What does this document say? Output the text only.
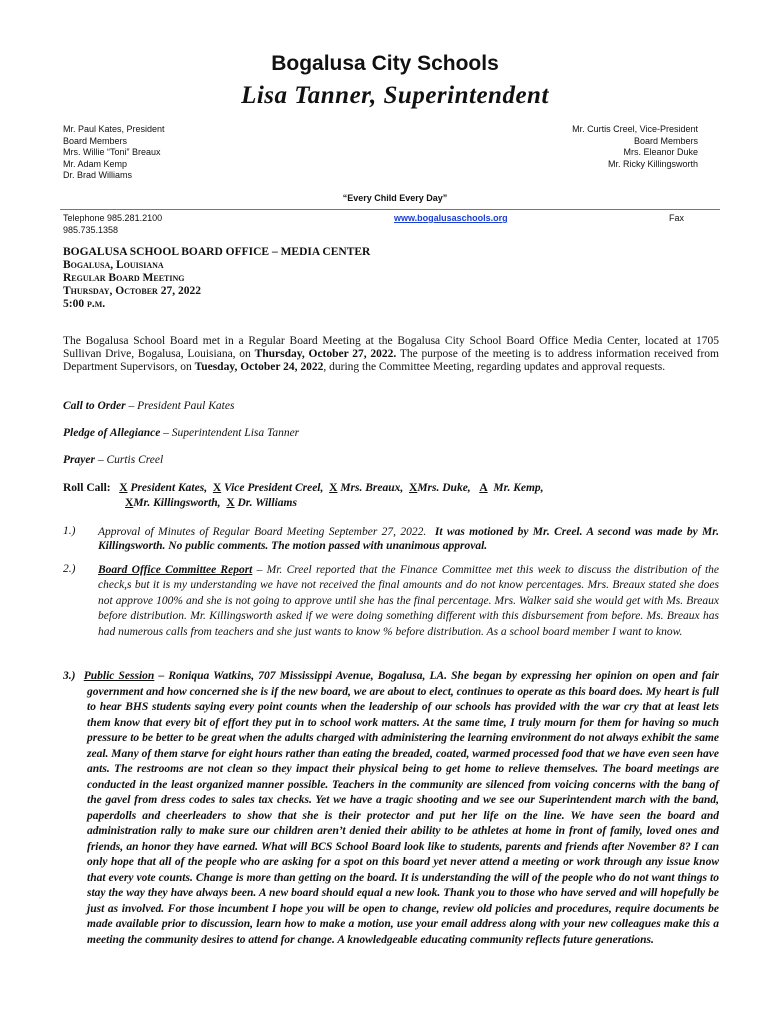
Bogalusa City Schools
Lisa Tanner, Superintendent
Mr. Paul Kates, President
Board Members
Mrs. Willie “Toni” Breaux
Mr. Adam Kemp
Dr. Brad Williams
Mr. Curtis Creel, Vice-President
Board Members
Mrs. Eleanor Duke
Mr. Ricky Killingsworth
“Every Child Every Day”
Telephone 985.281.2100
985.735.1358
www.bogalusaschools.org	Fax
BOGALUSA SCHOOL BOARD OFFICE – MEDIA CENTER
Bogalusa, Louisiana
Regular Board Meeting
Thursday, October 27, 2022
5:00 p.m.
The Bogalusa School Board met in a Regular Board Meeting at the Bogalusa City School Board Office Media Center, located at 1705 Sullivan Drive, Bogalusa, Louisiana, on Thursday, October 27, 2022. The purpose of the meeting is to address information received from Department Supervisors, on Tuesday, October 24, 2022, during the Committee Meeting, regarding updates and approval requests.
Call to Order – President Paul Kates
Pledge of Allegiance – Superintendent Lisa Tanner
Prayer – Curtis Creel
Roll Call: X President Kates, X Vice President Creel, X Mrs. Breaux, XMrs. Duke, A Mr. Kemp,
XMr. Killingsworth, X Dr. Williams
1.) Approval of Minutes of Regular Board Meeting September 27, 2022. It was motioned by Mr. Creel. A second was made by Mr. Killingsworth. No public comments. The motion passed with unanimous approval.
2.) Board Office Committee Report – Mr. Creel reported that the Finance Committee met this week to discuss the distribution of the check,s but it is my understanding we have not received the final amounts and do not know percentages. Mrs. Breaux stated she does not approve 100% and she is not going to approve until she has the final percentage. Mrs. Walker said she would get with Ms. Breaux before distribution. Mr. Killingsworth asked if we were doing something different with this disbursement from before. Ms. Breaux has had numerous calls from teachers and she just wants to know % before distribution. As a school board member I want to know.
3.) Public Session – Roniqua Watkins, 707 Mississippi Avenue, Bogalusa, LA. She began by expressing her opinion on open and fair government and how concerned she is if the new board, we are about to elect, continues to operate as this board does. My heart is full to hear BHS students saying every point counts when the leadership of our schools has provided with the war cry that at least lets them know that every bit of effort they put in to school work matters. At the same time, I truly mourn for them for having so much pressure to be better to be great when the adults charged with administering the learning environment do not always exhibit the same zeal. Many of them starve for eight hours rather than eating the breaded, coated, warmed processed food that we have even seen have ants. The restrooms are not clean so they impact their physical being to get home to relieve themselves. The board meetings are conducted in the least organized manner possible. Teachers in the community are silenced from voicing concerns with the bang of the gavel from dress codes to sales tax checks. Yet we have a tragic shooting and we see our Superintendent march with the band, paperdolls and cheerleaders to show that she is their protector and put her life on the line. We have seen the board and administration rally to make sure our children aren’t denied their ability to be athletes at home in front of family, loved ones and friends, an honor they have earned. What will BCS School Board look like to students, parents and friends after November 8? I can only hope that all of the people who are asking for a spot on this board yet never attend a meeting or work through any issue know that every vote counts. Change is more than getting on the board. It is understanding the will of the people who do not want things to stay the way they have always been. A new board should equal a new look. Thank you to those who have served and will hopefully be just as involved. For those incumbent I hope you will be open to change, review old policies and procedures, require documents be made available prior to discussion, learn how to make a motion, use your email address along with your new colleagues make this a meeting the community desires to attend for change. A knowledgeable educating community reflects future generations.
